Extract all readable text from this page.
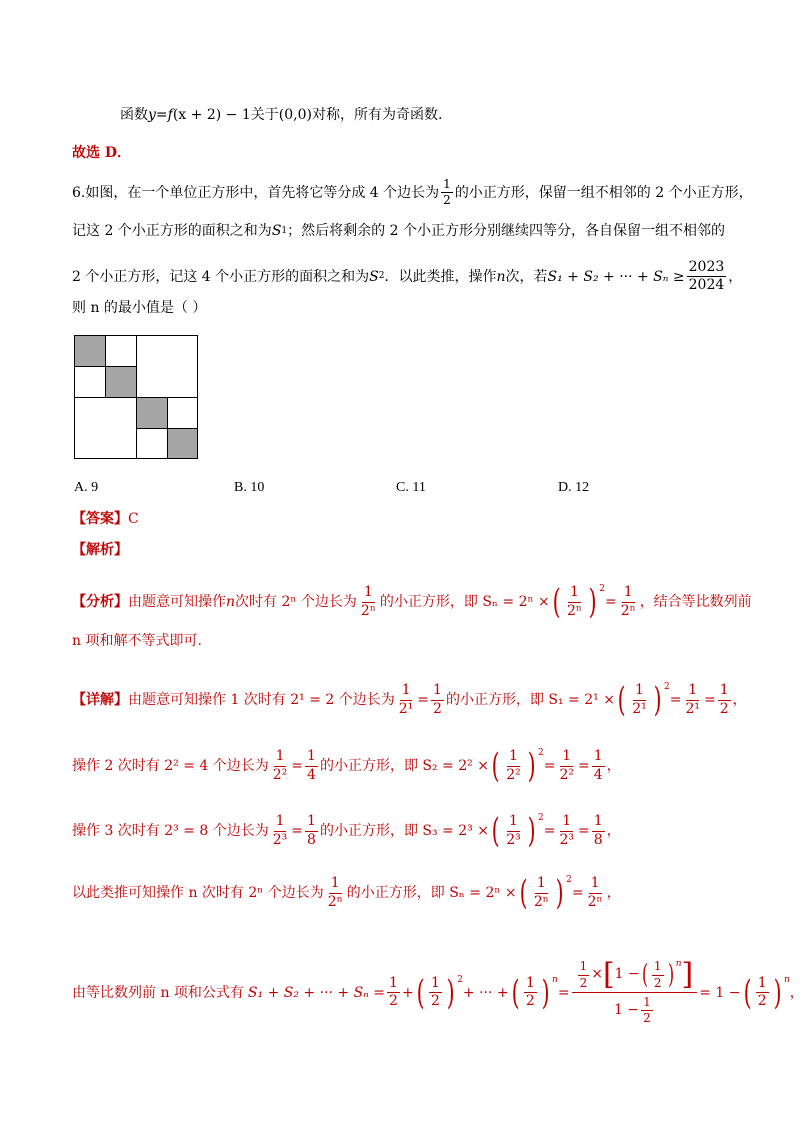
函数 y = f (x + 2) − 1 关于 (0,0) 对称，所有为奇函数.
故选 D．
6.如图，在一个单位正方形中，首先将它等分成 4 个边长为 $\frac{1}{2}$ 的小正方形，保留一组不相邻的 2 个小正方形，
记这 2 个小正方形的面积之和为 S 1 ；然后将剩余的 2 个小正方形分别继续四等分，各自保留一组不相邻的
2 个小正方形，记这 4 个小正方形的面积之和为 S 2 ．以此类推，操作 n 次，若 S₁ + S₂ + ··· + $S_n \ge \frac{2023}{2024}$ ，
则 n 的最小值是（ ）
A. 9	B. 10	C. 11	D. 12
【答案】 C
【解析】
【分析】 由题意可知操作 n 次时有 2ⁿ 个边长为 $\frac{1}{\text{2ⁿ}}$ 的小正方形，即 Sₙ = 2ⁿ × ( $\frac{1}{\text{2ⁿ}}$ ) $^2$
= $\frac{1}{\text{2ⁿ}}$ ，结合等比数列前
n 项和解不等式即可.
【详解】 由题意可知操作 1 次时有 2¹ = 2 个边长为 $\frac{1}{\text{2¹}} = \frac{1}{2}$ 的小正方形，即 S₁ = 2¹ × ( $\frac{1}{\text{2¹}}$ ) $^2$
= $\frac{1}{\text{2¹}} = \frac{1}{2}$ ，
操作 2 次时有 2² = 4 个边长为 $\frac{1}{\text{2²}} = \frac{1}{4}$ 的小正方形，即 S₂ = 2² × ( $\frac{1}{\text{2²}}$ ) $^2$
= $\frac{1}{\text{2²}} = \frac{1}{4}$ ，
操作 3 次时有 2³ = 8 个边长为 $\frac{1}{\text{2³}} = \frac{1}{8}$ 的小正方形，即 S₃ = 2³ × ( $\frac{1}{\text{2³}}$ ) $^2$
= $\frac{1}{\text{2³}} = \frac{1}{8}$ ，
以此类推可知操作 n 次时有 2ⁿ 个边长为 $\frac{1}{\text{2ⁿ}}$ 的小正方形，即 Sₙ = 2ⁿ × ( $\frac{1}{\text{2ⁿ}}$ ) $^2$
= $\frac{1}{\text{2ⁿ}}$ ，
由等比数列前 n 项和公式有 S₁ + S₂ + ··· + $S_n = \frac{1}{2}$ + ( $\frac{1}{2}$ ) $^2$
+ ··· + ( $\frac{1}{2}$ ) $^n$
= $\frac{\frac{1}{2} \times [ 1 - ( \frac{1}{2} )^n ]}{1 - \frac{1}{2}} = 1$ − ( $\frac{1}{2}$ ) $^n$
，
